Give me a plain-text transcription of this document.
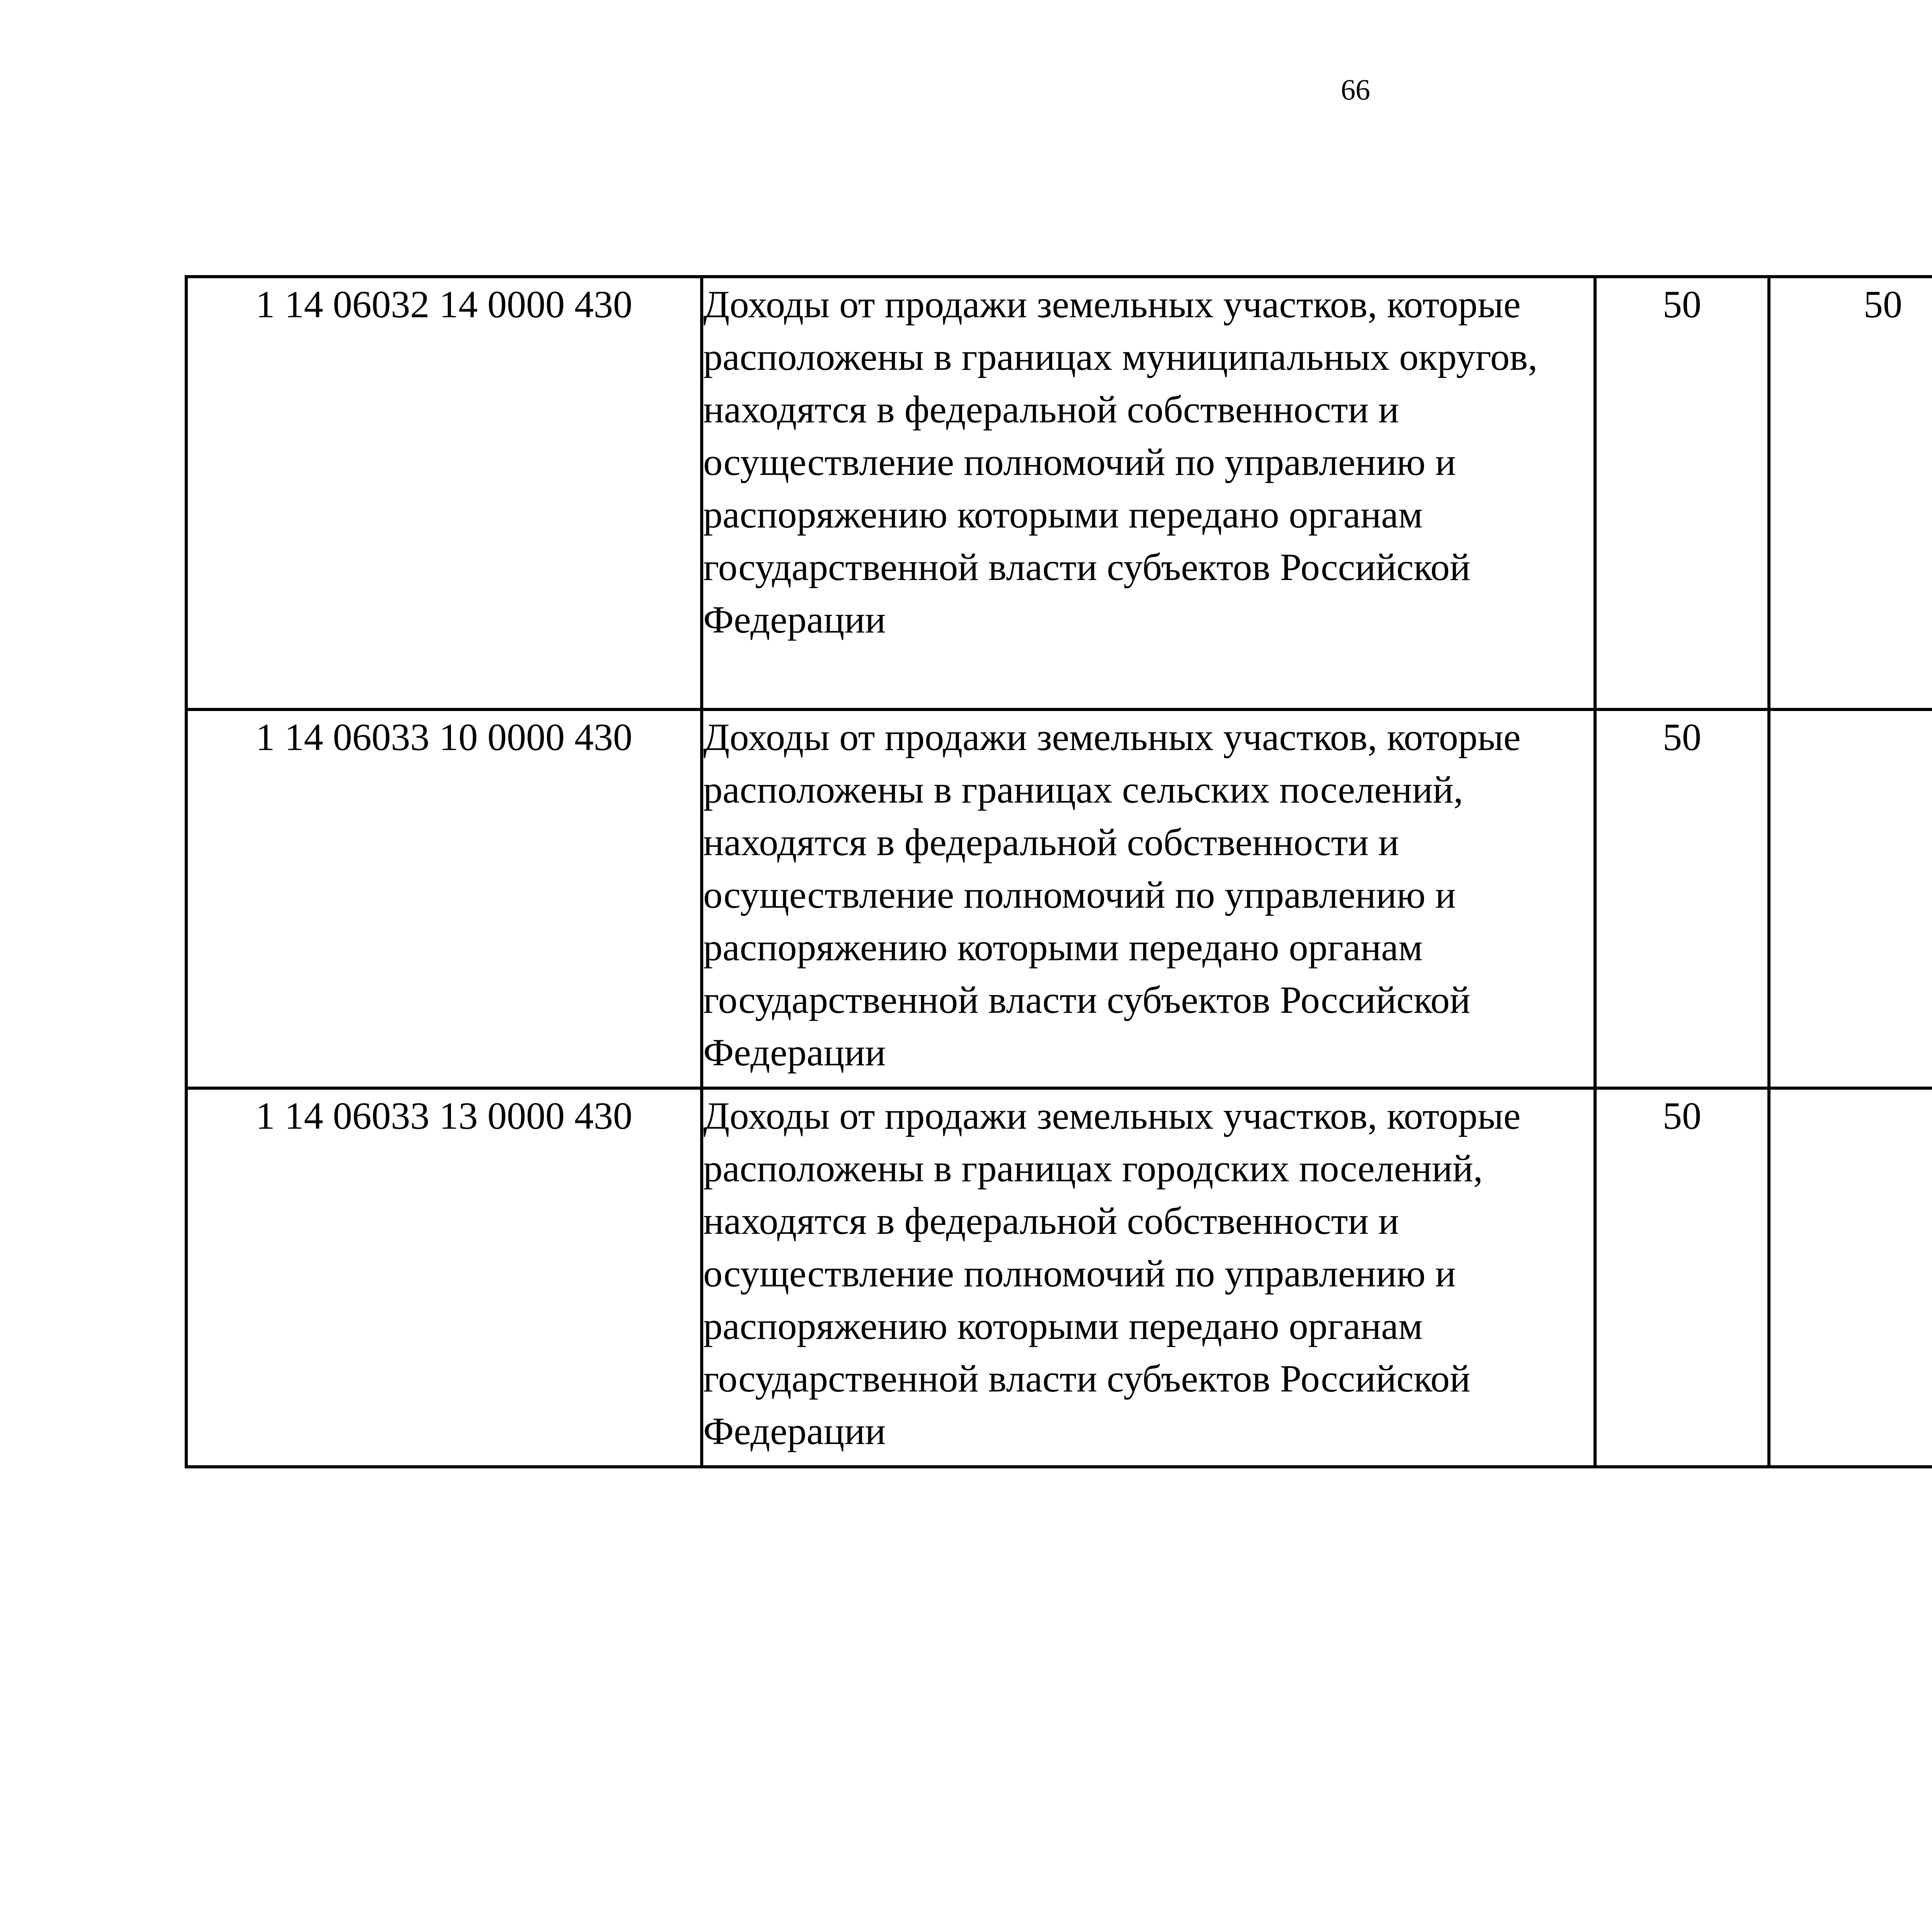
66
1 14 06032 14 0000 430	Доходы от продажи земельных участков, которые расположены в границах муниципальных округов, находятся в федеральной собственности и осуществление полномочий по управлению и распоряжению которыми передано органам государственной власти субъектов Российской Федерации	50	50			
1 14 06033 10 0000 430	Доходы от продажи земельных участков, которые расположены в границах сельских поселений, находятся в федеральной собственности и осуществление полномочий по управлению и распоряжению которыми передано органам государственной власти субъектов Российской Федерации	50				
1 14 06033 13 0000 430	Доходы от продажи земельных участков, которые расположены в границах городских поселений, находятся в федеральной собственности и осуществление полномочий по управлению и распоряжению которыми передано органам государственной власти субъектов Российской Федерации	50				
